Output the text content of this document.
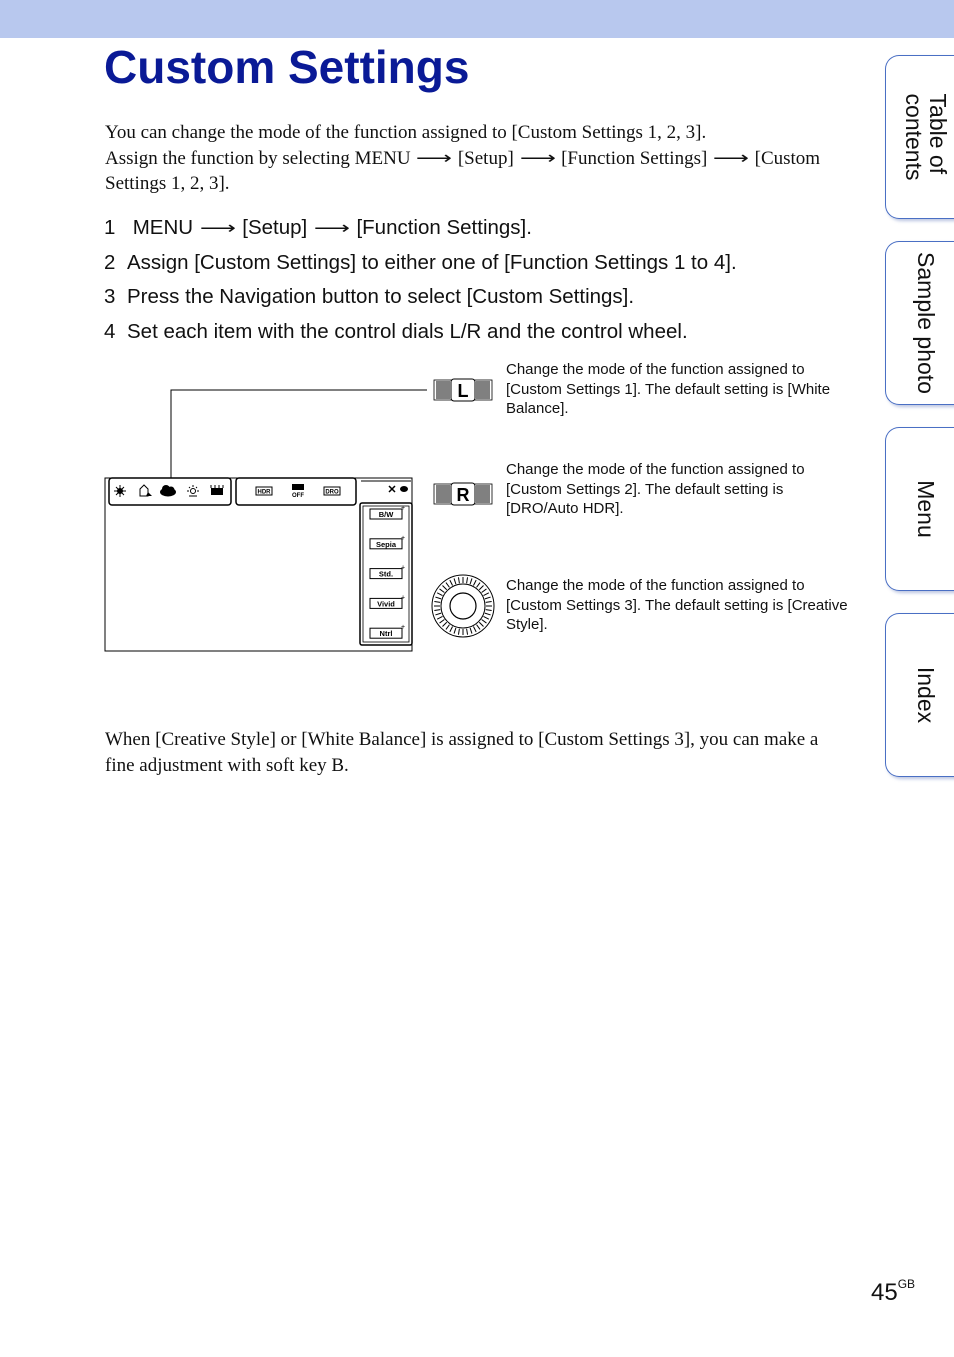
Custom Settings
You can change the mode of the function assigned to [Custom Settings 1, 2, 3].
Assign the function by selecting MENU ⟶ [Setup] ⟶ [Function Settings] ⟶ [Custom Settings 1, 2, 3].
1 MENU ⟶ [Setup] ⟶ [Function Settings].
2 Assign [Custom Settings] to either one of [Function Settings 1 to 4].
3 Press the Navigation button to select [Custom Settings].
4 Set each item with the control dials L/R and the control wheel.
HDR
OFF
DRO
B/W
+
Sepia
+
Std.
+
Vivid
+
Ntrl
+
L
R
Change the mode of the function assigned to [Custom Settings 1]. The default setting is [White Balance].
Change the mode of the function assigned to [Custom Settings 2]. The default setting is [DRO/Auto HDR].
Change the mode of the function assigned to [Custom Settings 3]. The default setting is [Creative Style].
When [Creative Style] or [White Balance] is assigned to [Custom Settings 3], you can make a fine adjustment with soft key B.
Table of
contents
Sample photo
Menu
Index
$45^{GB}$
